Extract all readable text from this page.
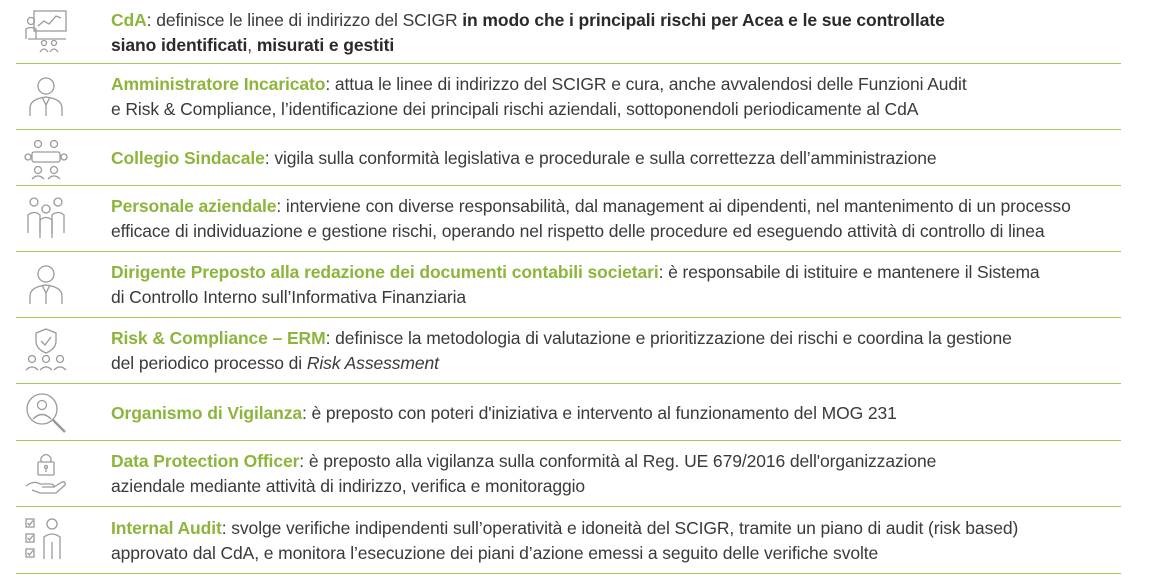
CdA: definisce le linee di indirizzo del SCIGR in modo che i principali rischi per Acea e le sue controllate
siano identificati, misurati e gestiti
Amministratore Incaricato: attua le linee di indirizzo del SCIGR e cura, anche avvalendosi delle Funzioni Audit
e Risk & Compliance, l’identificazione dei principali rischi aziendali, sottoponendoli periodicamente al CdA
Collegio Sindacale: vigila sulla conformità legislativa e procedurale e sulla correttezza dell’amministrazione
Personale aziendale: interviene con diverse responsabilità, dal management ai dipendenti, nel mantenimento di un processo
efficace di individuazione e gestione rischi, operando nel rispetto delle procedure ed eseguendo attività di controllo di linea
Dirigente Preposto alla redazione dei documenti contabili societari: è responsabile di istituire e mantenere il Sistema
di Controllo Interno sull’Informativa Finanziaria
Risk & Compliance – ERM: definisce la metodologia di valutazione e prioritizzazione dei rischi e coordina la gestione
del periodico processo di Risk Assessment
Organismo di Vigilanza: è preposto con poteri d'iniziativa e intervento al funzionamento del MOG 231
Data Protection Officer: è preposto alla vigilanza sulla conformità al Reg. UE 679/2016 dell'organizzazione
aziendale mediante attività di indirizzo, verifica e monitoraggio
Internal Audit: svolge verifiche indipendenti sull’operatività e idoneità del SCIGR, tramite un piano di audit (risk based)
approvato dal CdA, e monitora l’esecuzione dei piani d’azione emessi a seguito delle verifiche svolte
